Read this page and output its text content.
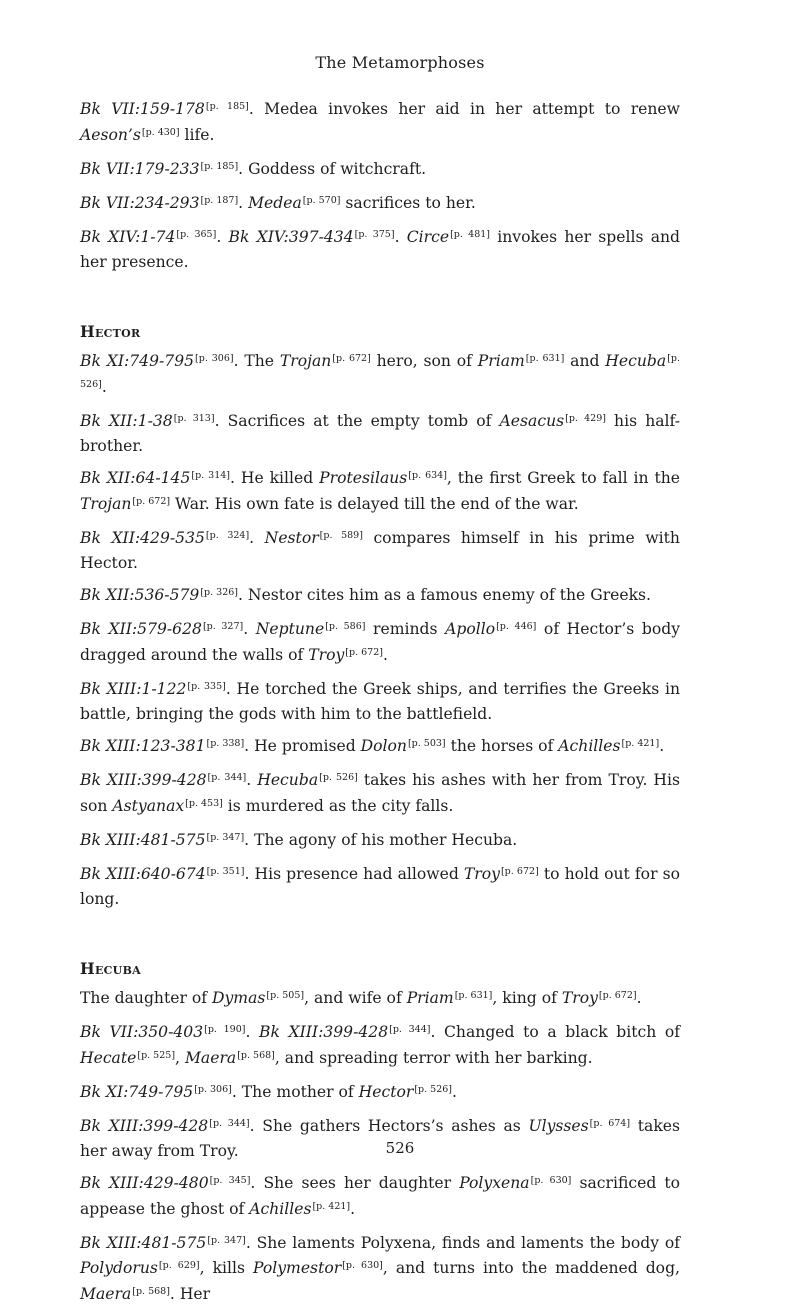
The Metamorphoses

Bk VII:159-178[p. 185]. Medea invokes her aid in her attempt to renew Aeson’s[p. 430] life.

Bk VII:179-233[p. 185]. Goddess of witchcraft.

Bk VII:234-293[p. 187]. Medea[p. 570] sacrifices to her.

Bk XIV:1-74[p. 365]. Bk XIV:397-434[p. 375]. Circe[p. 481] invokes her spells and her presence.

Hector

Bk XI:749-795[p. 306]. The Trojan[p. 672] hero, son of Priam[p. 631] and Hecuba[p. 526].

Bk XII:1-38[p. 313]. Sacrifices at the empty tomb of Aesacus[p. 429] his half-brother.

Bk XII:64-145[p. 314]. He killed Protesilaus[p. 634], the first Greek to fall in the Trojan[p. 672] War. His own fate is delayed till the end of the war.

Bk XII:429-535[p. 324]. Nestor[p. 589] compares himself in his prime with Hector.

Bk XII:536-579[p. 326]. Nestor cites him as a famous enemy of the Greeks.

Bk XII:579-628[p. 327]. Neptune[p. 586] reminds Apollo[p. 446] of Hector’s body dragged around the walls of Troy[p. 672].

Bk XIII:1-122[p. 335]. He torched the Greek ships, and terrifies the Greeks in battle, bringing the gods with him to the battlefield.

Bk XIII:123-381[p. 338]. He promised Dolon[p. 503] the horses of Achilles[p. 421].

Bk XIII:399-428[p. 344]. Hecuba[p. 526] takes his ashes with her from Troy. His son Astyanax[p. 453] is murdered as the city falls.

Bk XIII:481-575[p. 347]. The agony of his mother Hecuba.

Bk XIII:640-674[p. 351]. His presence had allowed Troy[p. 672] to hold out for so long.

Hecuba

The daughter of Dymas[p. 505], and wife of Priam[p. 631], king of Troy[p. 672].

Bk VII:350-403[p. 190]. Bk XIII:399-428[p. 344]. Changed to a black bitch of Hecate[p. 525], Maera[p. 568], and spreading terror with her barking.

Bk XI:749-795[p. 306]. The mother of Hector[p. 526].

Bk XIII:399-428[p. 344]. She gathers Hectors’s ashes as Ulysses[p. 674] takes her away from Troy.

Bk XIII:429-480[p. 345]. She sees her daughter Polyxena[p. 630] sacrificed to appease the ghost of Achilles[p. 421].

Bk XIII:481-575[p. 347]. She laments Polyxena, finds and laments the body of Polydorus[p. 629], kills Polymestor[p. 630], and turns into the maddened dog, Maera[p. 568]. Her

526
